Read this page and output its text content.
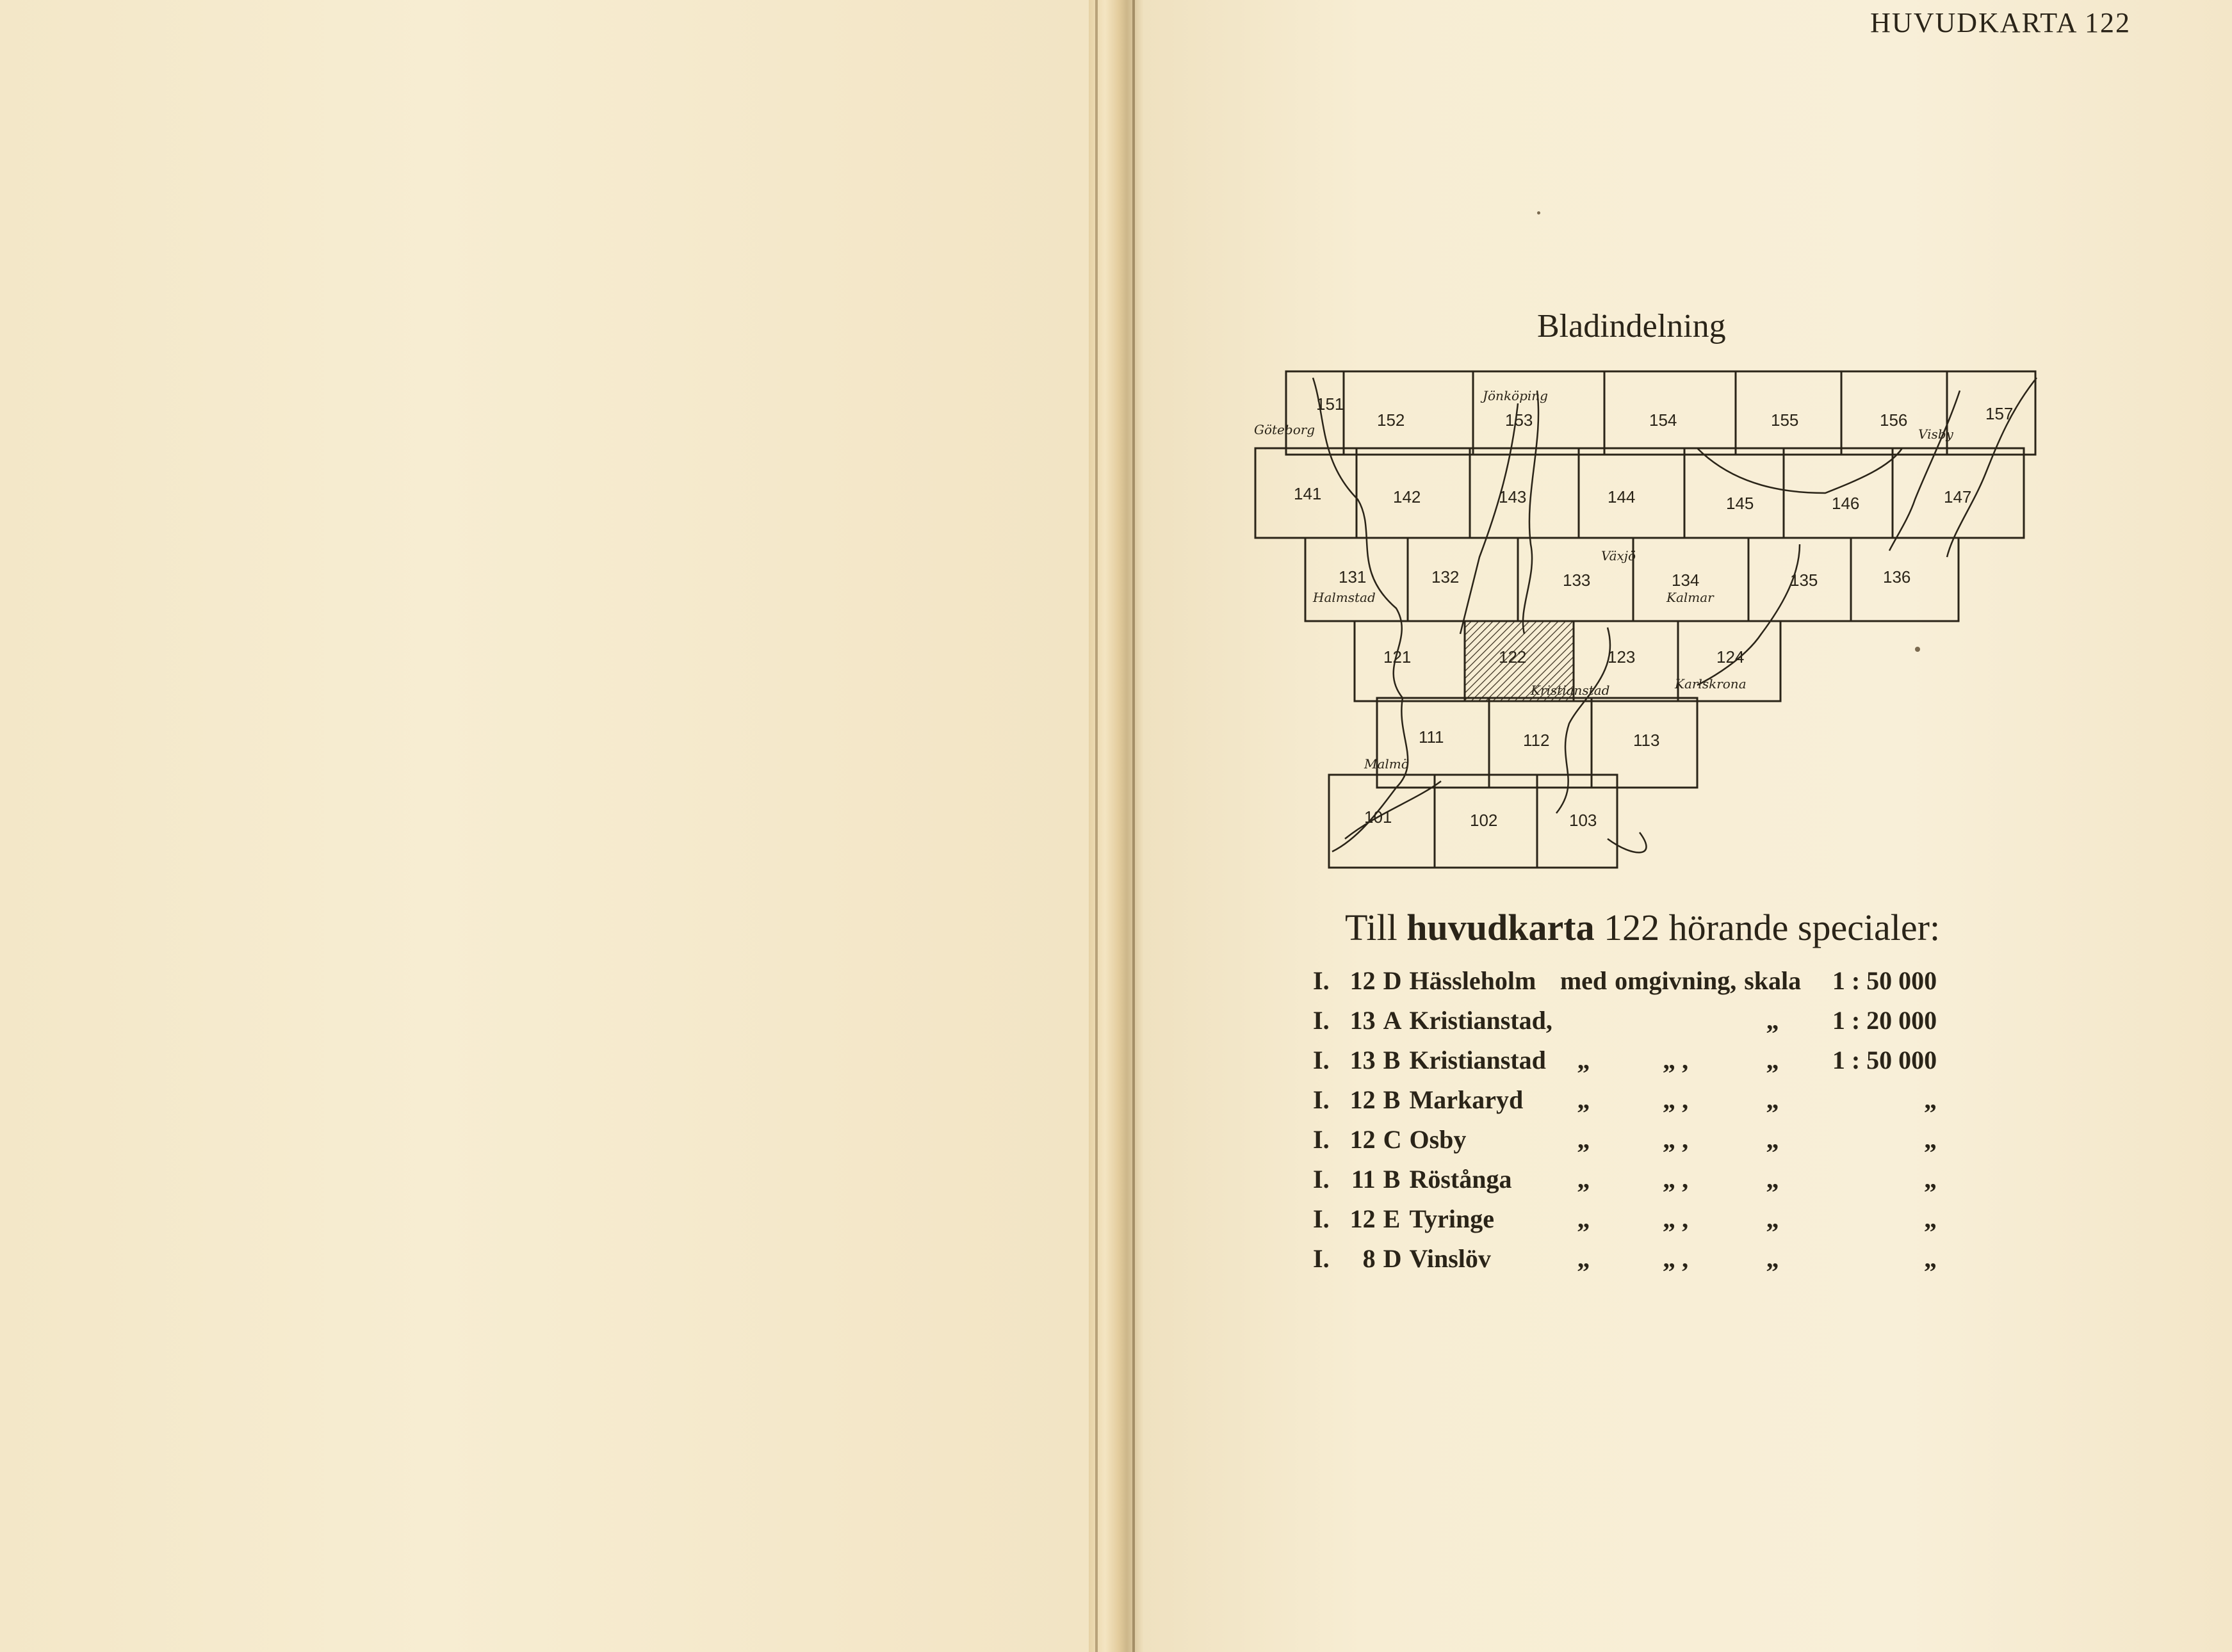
HUVUDKARTA 122
Bladindelning
151
152	153	154	155	156	157
141	142	143	144	145	146	147
131	132	133	134	135	136
121	122	123	124
111	112	113
101	102	103
Göteborg
Jönköping
Visby
Växjö
Halmstad	Kalmar
Kristianstad	Karlskrona
Malmö
Till huvudkarta 122 hörande specialer:
I.	12	D	Hässleholm	med	omgivning,	skala	1 : 50 000
I.	13	A	Kristianstad,			„	1 : 20 000
I.	13	B	Kristianstad	„	„ ,	„	1 : 50 000
I.	12	B	Markaryd	„	„ ,	„	„
I.	12	C	Osby	„	„ ,	„	„
I.	11	B	Röstånga	„	„ ,	„	„
I.	12	E	Tyringe	„	„ ,	„	„
I.	8	D	Vinslöv	„	„ ,	„	„
